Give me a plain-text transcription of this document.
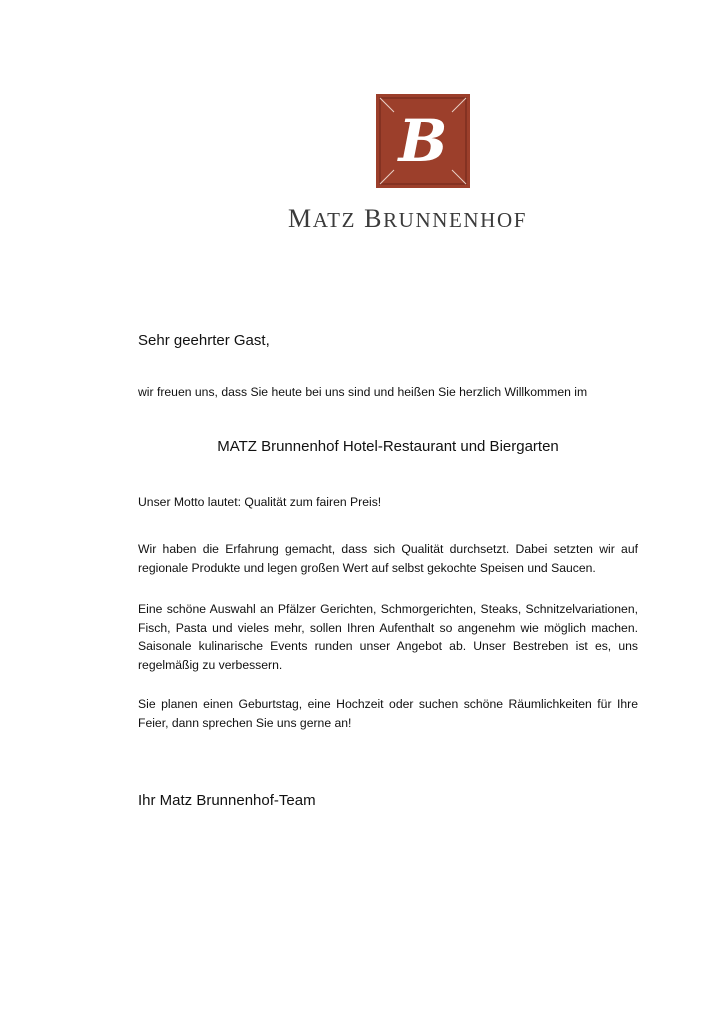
B
MATZ BRUNNENHOF

Sehr geehrter Gast,

wir freuen uns, dass Sie heute bei uns sind und heißen Sie herzlich Willkommen im

MATZ Brunnenhof Hotel-Restaurant und Biergarten

Unser Motto lautet: Qualität zum fairen Preis!

Wir haben die Erfahrung gemacht, dass sich Qualität durchsetzt. Dabei setzten wir auf regionale Produkte und legen großen Wert auf selbst gekochte Speisen und Saucen.

Eine schöne Auswahl an Pfälzer Gerichten, Schmorgerichten, Steaks, Schnitzelvariationen, Fisch, Pasta und vieles mehr, sollen Ihren Aufenthalt so angenehm wie möglich machen. Saisonale kulinarische Events runden unser Angebot ab. Unser Bestreben ist es, uns regelmäßig zu verbessern.

Sie planen einen Geburtstag, eine Hochzeit oder suchen schöne Räumlichkeiten für Ihre Feier, dann sprechen Sie uns gerne an!

Ihr Matz Brunnenhof-Team
